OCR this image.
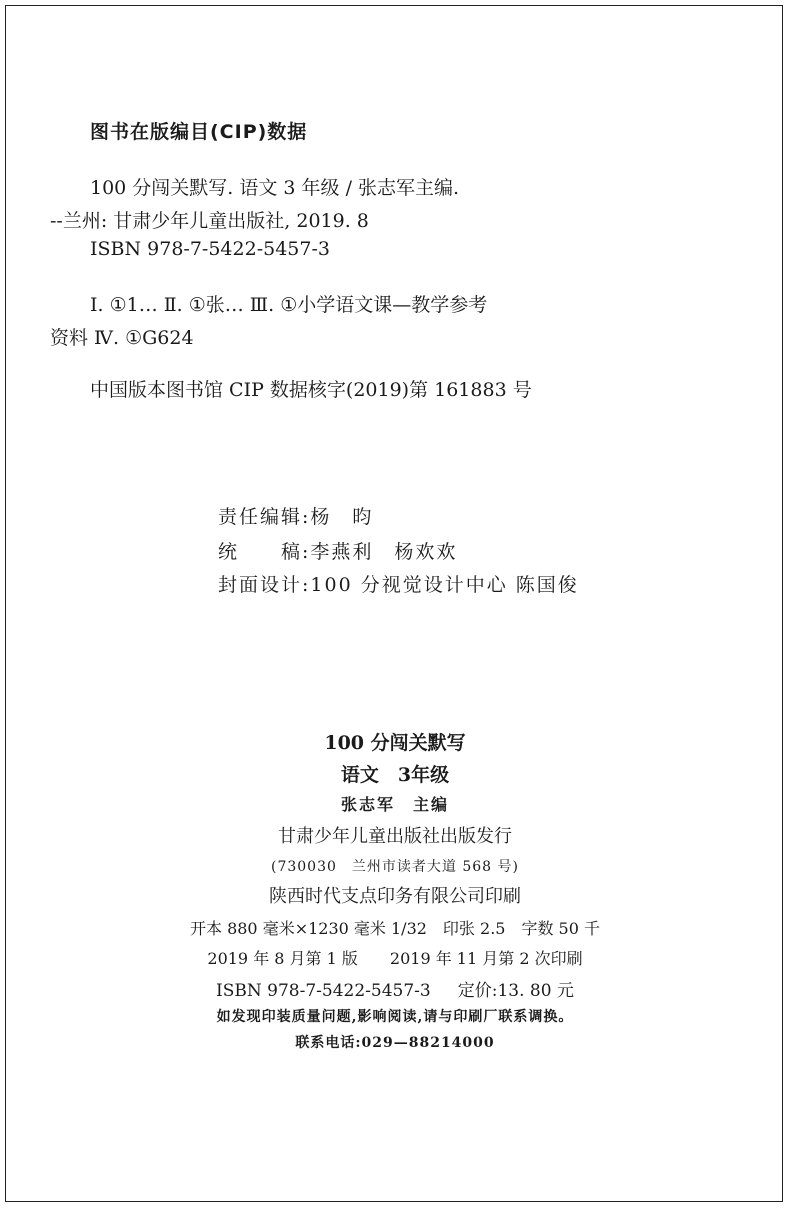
图书在版编目(CIP)数据
100 分闯关默写. 语文 3 年级 / 张志军主编.
--兰州: 甘肃少年儿童出版社, 2019. 8
ISBN 978-7-5422-5457-3
Ⅰ. ①1… Ⅱ. ①张… Ⅲ. ①小学语文课—教学参考
资料 Ⅳ. ①G624
中国版本图书馆 CIP 数据核字(2019)第 161883 号
责任编辑:杨　昀
统　　稿:李燕利　杨欢欢
封面设计:100 分视觉设计中心 陈国俊
100 分闯关默写
语文　3年级
张志军　主编
甘肃少年儿童出版社出版发行
(730030　兰州市读者大道 568 号)
陕西时代支点印务有限公司印刷
开本 880 毫米×1230 毫米 1/32　印张 2.5　字数 50 千
2019 年 8 月第 1 版　　2019 年 11 月第 2 次印刷
ISBN 978-7-5422-5457-3 定价:13. 80 元
如发现印装质量问题,影响阅读,请与印刷厂联系调换。
联系电话:029—88214000
